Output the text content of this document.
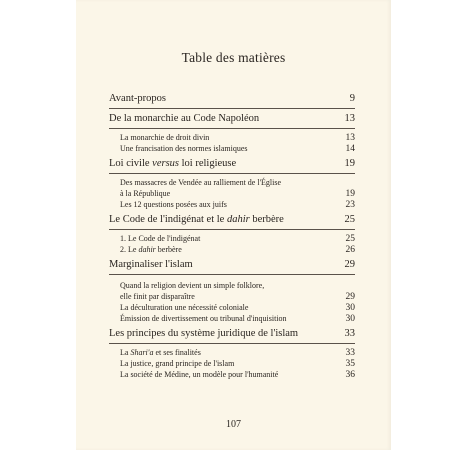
Table des matières
Avant-propos	9
De la monarchie au Code Napoléon	13
La monarchie de droit divin	13
Une francisation des normes islamiques	14
Loi civile versus loi religieuse	19
Des massacres de Vendée au ralliement de l'Église
à la République	19
Les 12 questions posées aux juifs	23
Le Code de l'indigénat et le dahir berbère	25
1. Le Code de l'indigénat	25
2. Le dahir berbère	26
Marginaliser l'islam	29
Quand la religion devient un simple folklore,
elle finit par disparaître	29
La déculturation une nécessité coloniale	30
Émission de divertissement ou tribunal d'inquisition	30
Les principes du système juridique de l'islam	33
La Shari'a et ses finalités	33
La justice, grand principe de l'islam	35
La société de Médine, un modèle pour l'humanité	36
107
